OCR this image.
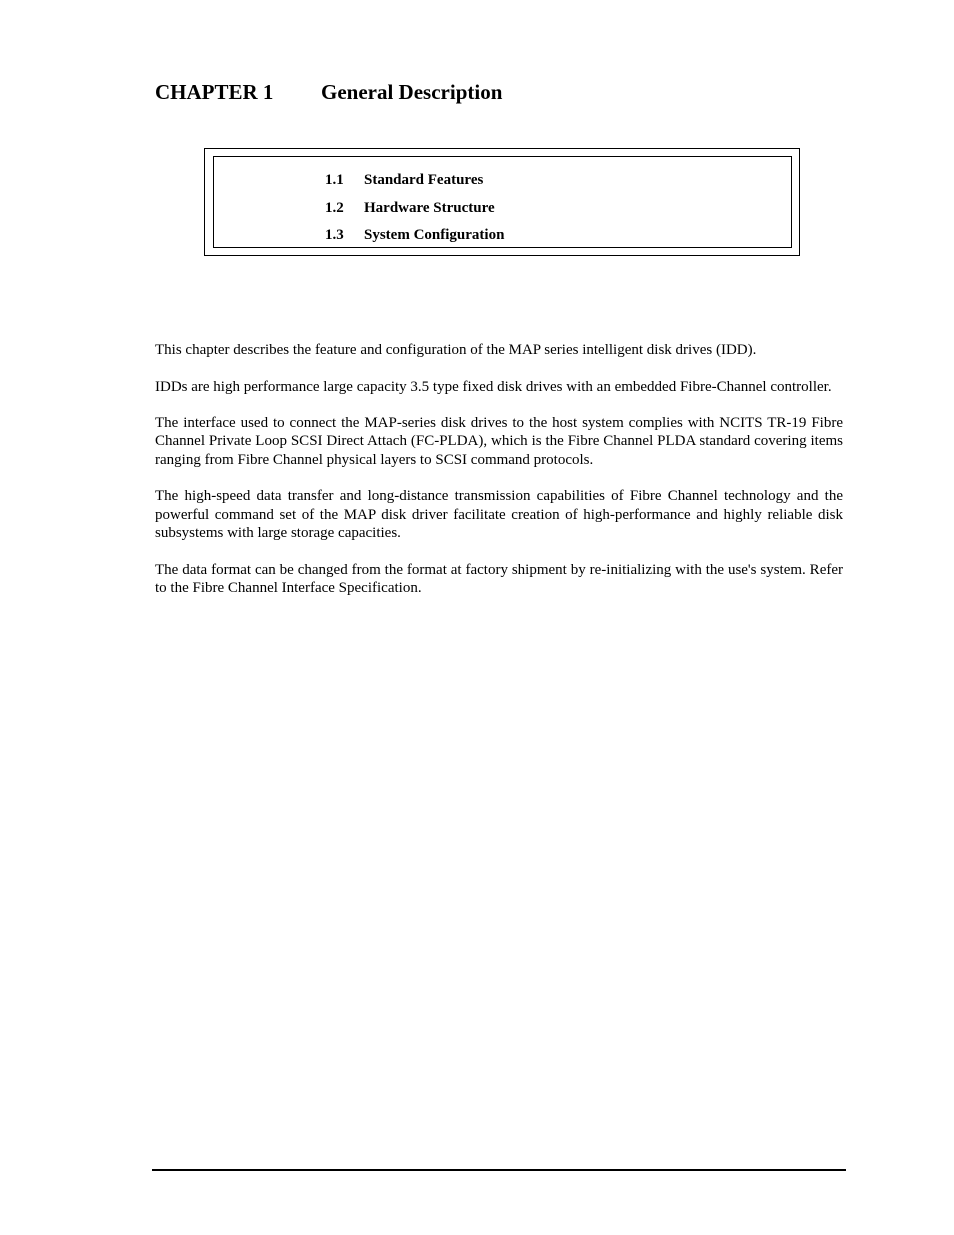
CHAPTER 1 General Description
1.1 Standard Features
1.2 Hardware Structure
1.3 System Configuration

This chapter describes the feature and configuration of the MAP series intelligent disk drives (IDD).

IDDs are high performance large capacity 3.5 type fixed disk drives with an embedded Fibre-Channel controller.

The interface used to connect the MAP-series disk drives to the host system complies with NCITS TR-19 Fibre Channel Private Loop SCSI Direct Attach (FC-PLDA), which is the Fibre Channel PLDA standard covering items ranging from Fibre Channel physical layers to SCSI command protocols.

The high-speed data transfer and long-distance transmission capabilities of Fibre Channel technology and the powerful command set of the MAP disk driver facilitate creation of high-performance and highly reliable disk subsystems with large storage capacities.

The data format can be changed from the format at factory shipment by re-initializing with the use's system. Refer to the Fibre Channel Interface Specification.
